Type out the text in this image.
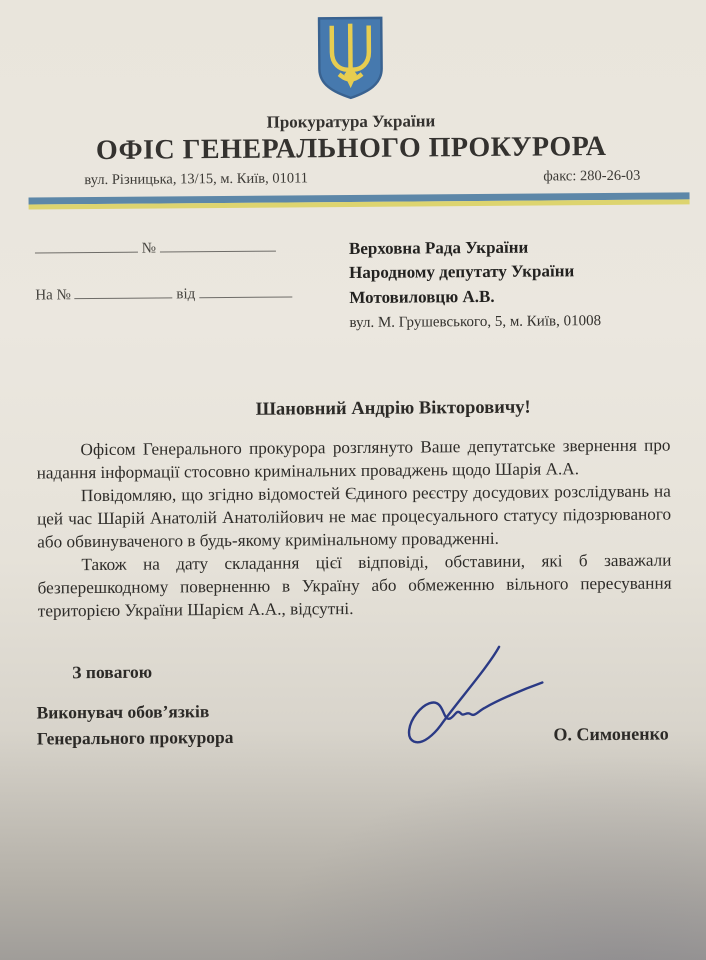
Прокуратура України
ОФІС ГЕНЕРАЛЬНОГО ПРОКУРОРА
вул. Різницька, 13/15, м. Київ, 01011	факс: 280-26-03
№
На №	від
Верховна Рада України
Народному депутату України
Мотовиловцю А.В.
вул. М. Грушевського, 5, м. Київ, 01008
Шановний Андрію Вікторовичу!

Офісом Генерального прокурора розглянуто Ваше депутатське звернення про надання інформації стосовно кримінальних проваджень щодо Шарія А.А.

Повідомляю, що згідно відомостей Єдиного реєстру досудових розслідувань на цей час Шарій Анатолій Анатолійович не має процесуального статусу підозрюваного або обвинуваченого в будь-якому кримінальному провадженні.

Також на дату складання цієї відповіді, обставини, які б заважали безперешкодному поверненню в Україну або обмеженню вільного пересування територією України Шарієм А.А., відсутні.

З повагою
Виконувач обов’язків
Генерального прокурора	О. Симоненко
